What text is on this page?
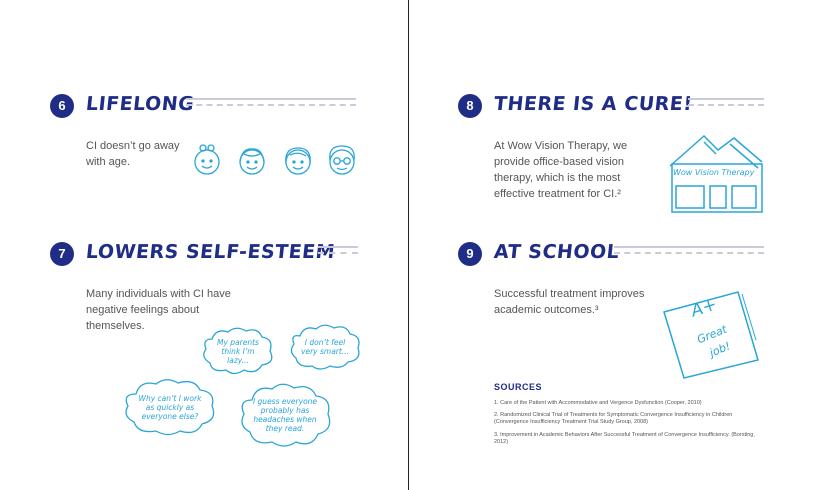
6	LIFELONG
CI doesn’t go away
with age.
7	LOWERS SELF-ESTEEM
Many individuals with CI have
negative feelings about
themselves.
My parents
think I’m
lazy...
I don’t feel
very smart...
Why can’t I work
as quickly as
everyone else?
I guess everyone
probably has
headaches when
they read.
8	THERE IS A CURE!
At Wow Vision Therapy, we
provide office-based vision
therapy, which is the most
effective treatment for CI.²
Wow Vision Therapy
9	AT SCHOOL
Successful treatment improves
academic outcomes.³	A+
Great
job!
SOURCES
1. Care of the Patient with Accommodative and Vergence Dysfunction (Cooper, 2010)
2. Randomized Clinical Trial of Treatments for Symptomatic Convergence Insufficiency in Children (Convergence Insufficiency Treatment Trial Study Group, 2008)
3. Improvement in Academic Behaviors After Successful Treatment of Convergence Insufficiency. (Borsting, 2012)
